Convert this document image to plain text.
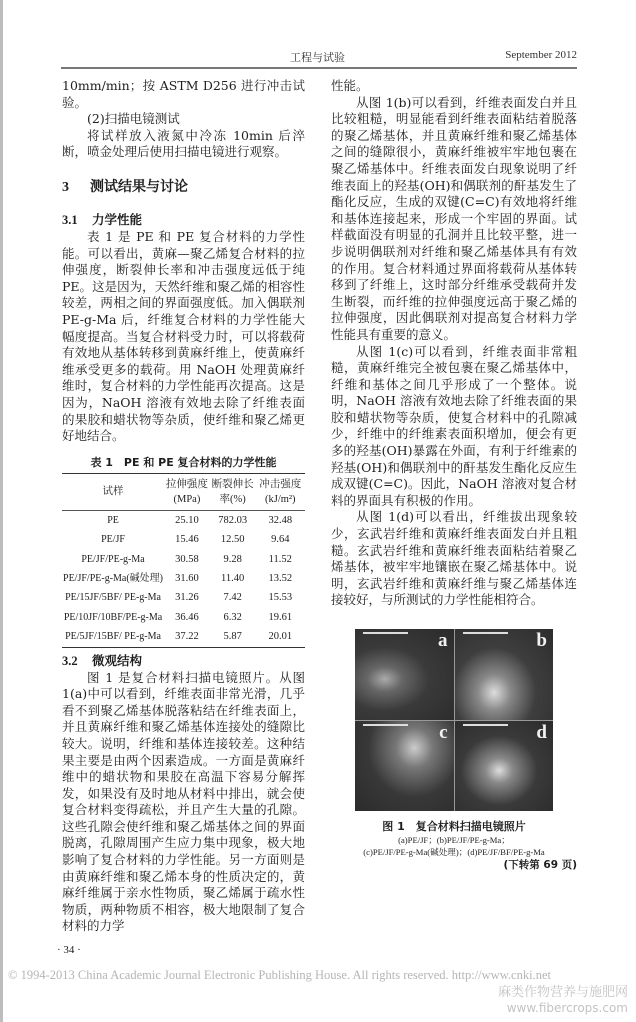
工程与试验	September 2012
10mm/min；按 ASTM D256 进行冲击试验。
(2)扫描电镜测试
将试样放入液氮中冷冻 10min 后淬断，喷金处理后使用扫描电镜进行观察。
3 测试结果与讨论
3.1 力学性能
表 1 是 PE 和 PE 复合材料的力学性能。可以看出，黄麻—聚乙烯复合材料的拉伸强度，断裂伸长率和冲击强度远低于纯 PE。这是因为，天然纤维和聚乙烯的相容性较差，两相之间的界面强度低。加入偶联剂 PE-g-Ma 后，纤维复合材料的力学性能大幅度提高。当复合材料受力时，可以将载荷有效地从基体转移到黄麻纤维上，使黄麻纤维承受更多的载荷。用 NaOH 处理黄麻纤维时，复合材料的力学性能再次提高。这是因为，NaOH 溶液有效地去除了纤维表面的果胶和蜡状物等杂质，使纤维和聚乙烯更好地结合。
表 1　PE 和 PE 复合材料的力学性能
试样	拉伸强度 (MPa)	断裂伸长率(%)	冲击强度 (kJ/m²)
PE	25.10	782.03	32.48
PE/JF	15.46	12.50	9.64
PE/JF/PE-g-Ma	30.58	9.28	11.52
PE/JF/PE-g-Ma(碱处理)	31.60	11.40	13.52
PE/15JF/5BF/ PE-g-Ma	31.26	7.42	15.53
PE/10JF/10BF/PE-g-Ma	36.46	6.32	19.61
PE/5JF/15BF/ PE-g-Ma	37.22	5.87	20.01
3.2 微观结构
图 1 是复合材料扫描电镜照片。从图 1(a)中可以看到，纤维表面非常光滑，几乎看不到聚乙烯基体脱落粘结在纤维表面上，并且黄麻纤维和聚乙烯基体连接处的缝隙比较大。说明，纤维和基体连接较差。这种结果主要是由两个因素造成。一方面是黄麻纤维中的蜡状物和果胶在高温下容易分解挥发，如果没有及时地从材料中排出，就会使复合材料变得疏松，并且产生大量的孔隙。这些孔隙会使纤维和聚乙烯基体之间的界面脱离，孔隙周围产生应力集中现象，极大地影响了复合材料的力学性能。另一方面则是由黄麻纤维和聚乙烯本身的性质决定的，黄麻纤维属于亲水性物质，聚乙烯属于疏水性物质，两种物质不相容，极大地限制了复合材料的力学
性能。
从图 1(b)可以看到，纤维表面发白并且比较粗糙，明显能看到纤维表面粘结着脱落的聚乙烯基体，并且黄麻纤维和聚乙烯基体之间的缝隙很小，黄麻纤维被牢牢地包裹在聚乙烯基体中。纤维表面发白现象说明了纤维表面上的羟基(OH)和偶联剂的酐基发生了酯化反应，生成的双键(C=C)有效地将纤维和基体连接起来，形成一个牢固的界面。试样截面没有明显的孔洞并且比较平整，进一步说明偶联剂对纤维和聚乙烯基体具有有效的作用。复合材料通过界面将载荷从基体转移到了纤维上，这时部分纤维承受载荷并发生断裂，而纤维的拉伸强度远高于聚乙烯的拉伸强度，因此偶联剂对提高复合材料力学性能具有重要的意义。
从图 1(c)可以看到，纤维表面非常粗糙，黄麻纤维完全被包裹在聚乙烯基体中，纤维和基体之间几乎形成了一个整体。说明，NaOH 溶液有效地去除了纤维表面的果胶和蜡状物等杂质，使复合材料中的孔隙减少，纤维中的纤维素表面积增加，便会有更多的羟基(OH)暴露在外面，有利于纤维素的羟基(OH)和偶联剂中的酐基发生酯化反应生成双键(C=C)。因此，NaOH 溶液对复合材料的界面具有积极的作用。
从图 1(d)可以看出，纤维拔出现象较少，玄武岩纤维和黄麻纤维表面发白并且粗糙。玄武岩纤维和黄麻纤维表面粘结着聚乙烯基体，被牢牢地镶嵌在聚乙烯基体中。说明，玄武岩纤维和黄麻纤维与聚乙烯基体连接较好，与所测试的力学性能相符合。
a	b
c	d
图 1　复合材料扫描电镜照片
(a)PE/JF；(b)PE/JF/PE-g-Ma；
(c)PE/JF/PE-g-Ma(碱处理)；(d)PE/JF/BF/PE-g-Ma
(下转第 69 页)
· 34 ·
© 1994-2013 China Academic Journal Electronic Publishing House. All rights reserved. http://www.cnki.net
麻类作物营养与施肥网
www.fibercrops.com
